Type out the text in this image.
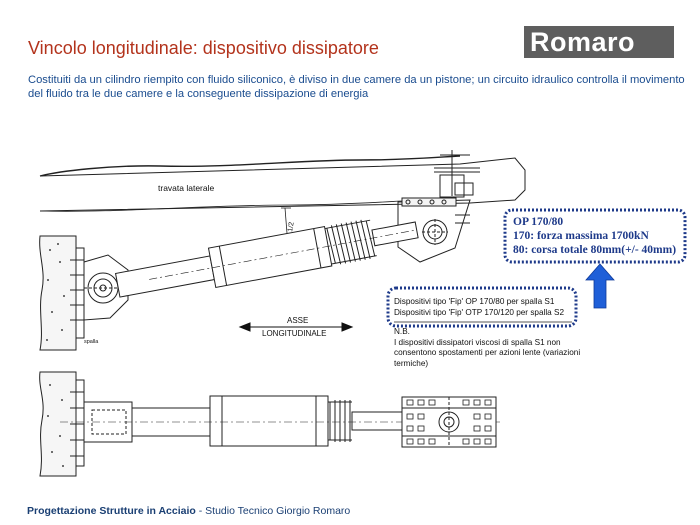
Vincolo longitudinale: dispositivo dissipatore
Costituiti da un cilindro riempito con fluido siliconico, è diviso in due camere da un pistone; un circuito idraulico controlla il movimento del fluido tra le due camere e la conseguente dissipazione di energia
Romaro
travata laterale
1/2
spalla
ASSE
LONGITUDINALE
OP 170/80
170: forza massima 1700kN
80: corsa totale 80mm(+/- 40mm)
Dispositivi tipo 'Fip' OP 170/80 per spalla S1
Dispositivi tipo 'Fip' OTP 170/120 per spalla S2
N.B.
I dispositivi dissipatori viscosi di spalla S1 non consentono spostamenti per azioni lente (variazioni termiche)
Progettazione Strutture in Acciaio - Studio Tecnico Giorgio Romaro
